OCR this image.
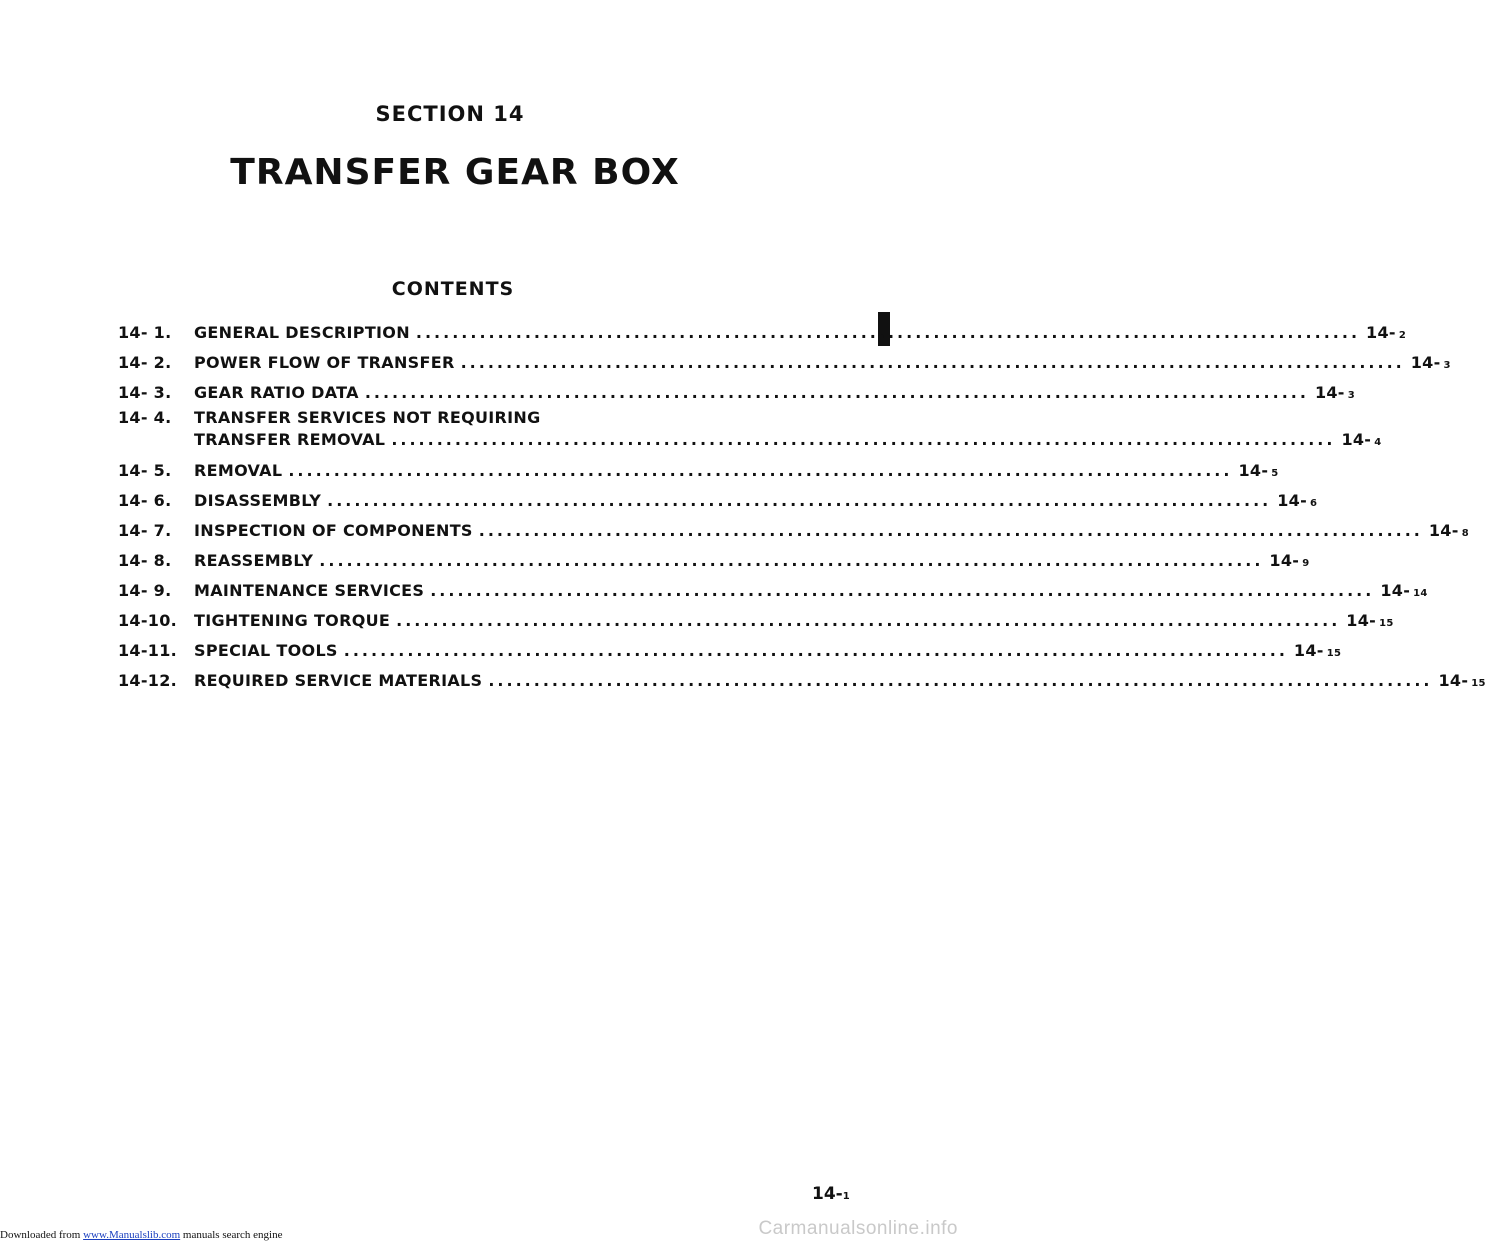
SECTION 14
TRANSFER GEAR BOX
CONTENTS
14- 1.	GENERAL DESCRIPTION ........................................................................................................ 14- 2
14- 2.	POWER FLOW OF TRANSFER ........................................................................................................ 14- 3
14- 3.	GEAR RATIO DATA ........................................................................................................ 14- 3
14- 4.	TRANSFER SERVICES NOT REQUIRING
TRANSFER REMOVAL ........................................................................................................ 14- 4
14- 5.	REMOVAL ........................................................................................................ 14- 5
14- 6.	DISASSEMBLY ........................................................................................................ 14- 6
14- 7.	INSPECTION OF COMPONENTS ........................................................................................................ 14- 8
14- 8.	REASSEMBLY ........................................................................................................ 14- 9
14- 9.	MAINTENANCE SERVICES ........................................................................................................ 14- 14
14-10.	TIGHTENING TORQUE ........................................................................................................ 14- 15
14-11.	SPECIAL TOOLS ........................................................................................................ 14- 15
14-12.	REQUIRED SERVICE MATERIALS ........................................................................................................ 14- 15
14-1
Downloaded from www.Manualslib.com manuals search engine	Carmanualsonline.info
